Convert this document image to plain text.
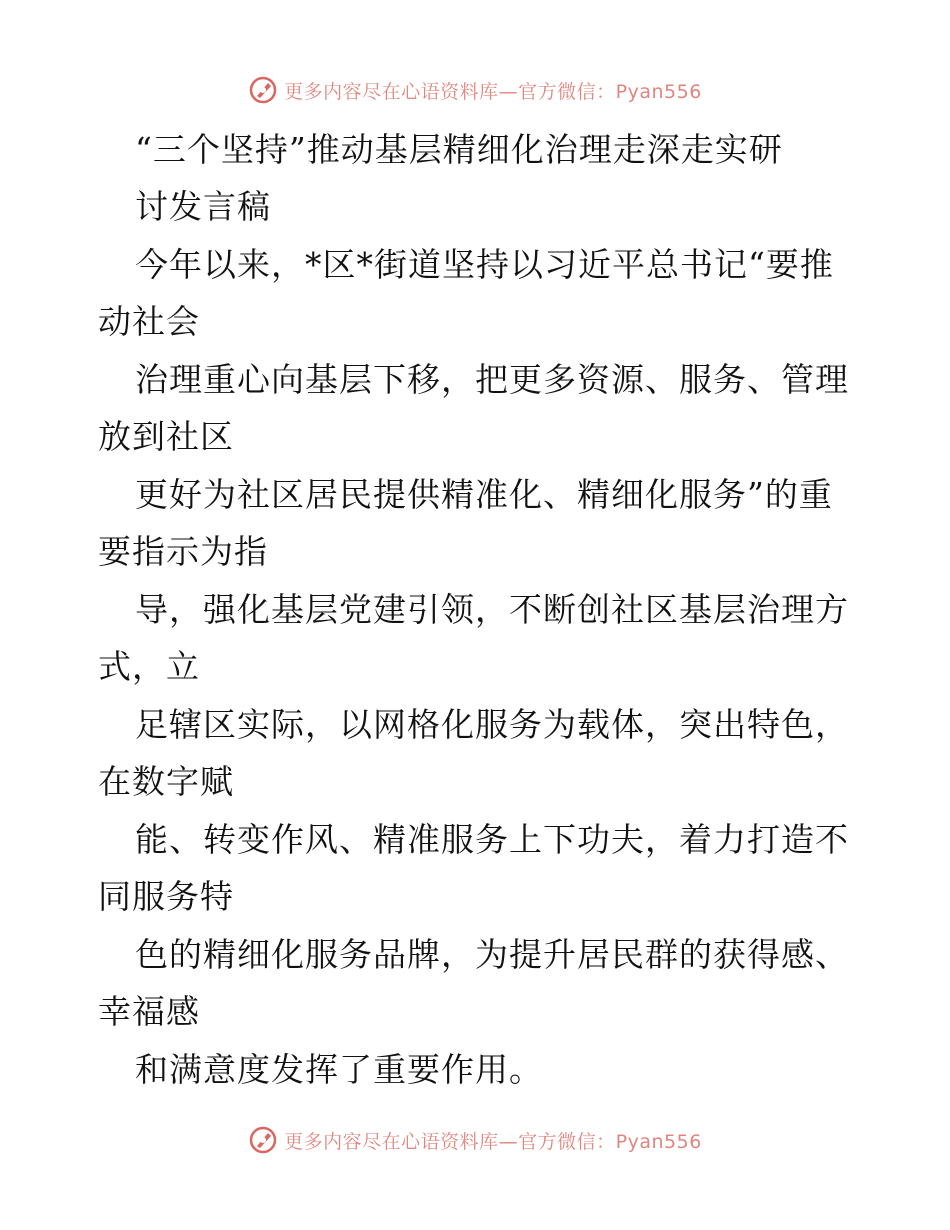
更多内容尽在心语资料库—官方微信：Pyan556
“三个坚持”推动基层精细化治理走深走实研
讨发言稿
今年以来，*区*街道坚持以习近平总书记“要推
动社会
治理重心向基层下移，把更多资源、服务、管理
放到社区
更好为社区居民提供精准化、精细化服务”的重
要指示为指
导，强化基层党建引领，不断创社区基层治理方
式，立
足辖区实际，以网格化服务为载体，突出特色，
在数字赋
能、转变作风、精准服务上下功夫，着力打造不
同服务特
色的精细化服务品牌，为提升居民群的获得感、
幸福感
和满意度发挥了重要作用。
更多内容尽在心语资料库—官方微信：Pyan556
